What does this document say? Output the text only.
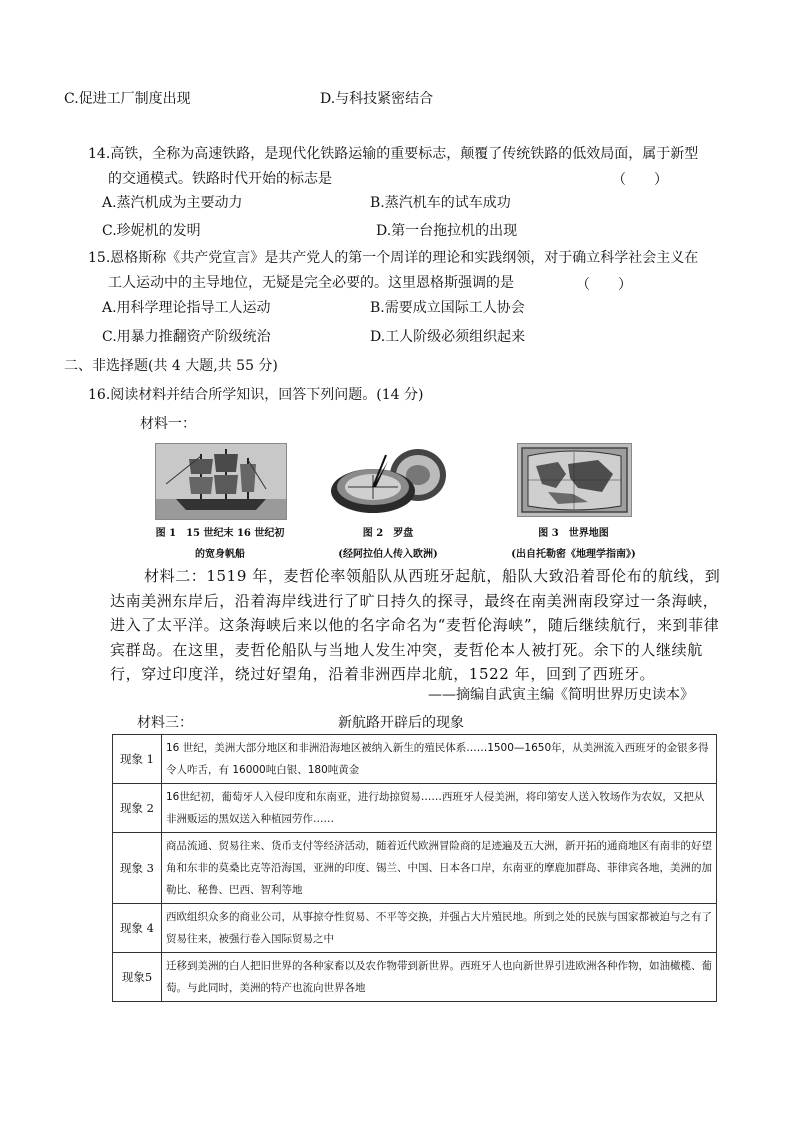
C.促进工厂制度出现	D.与科技紧密结合
14.高铁，全称为高速铁路，是现代化铁路运输的重要标志，颠覆了传统铁路的低效局面，属于新型
的交通模式。铁路时代开始的标志是	（　　）
A.蒸汽机成为主要动力	B.蒸汽机车的试车成功
C.珍妮机的发明	D.第一台拖拉机的出现
15.恩格斯称《共产党宣言》是共产党人的第一个周详的理论和实践纲领，对于确立科学社会主义在
工人运动中的主导地位，无疑是完全必要的。这里恩格斯强调的是	（　　）
A.用科学理论指导工人运动	B.需要成立国际工人协会
C.用暴力推翻资产阶级统治	D.工人阶级必须组织起来
二、非选择题(共 4 大题,共 55 分)
16.阅读材料并结合所学知识，回答下列问题。(14 分)
材料一：
图 1　15 世纪末 16 世纪初
的宽身帆船
图 2　罗盘
(经阿拉伯人传入欧洲)
图 3　世界地图
(出自托勒密《地理学指南》)
材料二：1519 年，麦哲伦率领船队从西班牙起航，船队大致沿着哥伦布的航线，到达南美洲东岸后，沿着海岸线进行了旷日持久的探寻，最终在南美洲南段穿过一条海峡，进入了太平洋。这条海峡后来以他的名字命名为“麦哲伦海峡”，随后继续航行，来到菲律宾群岛。在这里，麦哲伦船队与当地人发生冲突，麦哲伦本人被打死。余下的人继续航行，穿过印度洋，绕过好望角，沿着非洲西岸北航，1522 年，回到了西班牙。
——摘编自武寅主编《简明世界历史读本》
材料三：	新航路开辟后的现象
现象 1	16 世纪，美洲大部分地区和非洲沿海地区被纳入新生的殖民体系……1500—1650年，从美洲流入西班牙的金银多得令人咋舌，有 16000吨白银、180吨黄金
现象 2	16世纪初，葡萄牙人入侵印度和东南亚，进行劫掠贸易……西班牙人侵美洲，将印第安人送入牧场作为农奴，又把从非洲贩运的黑奴送入种植园劳作……
现象 3	商品流通、贸易往来、货币支付等经济活动，随着近代欧洲冒险商的足迹遍及五大洲，新开拓的通商地区有南非的好望角和东非的莫桑比克等沿海国，亚洲的印度、锡兰、中国、日本各口岸，东南亚的摩鹿加群岛、菲律宾各地，美洲的加勒比、秘鲁、巴西、智利等地
现象 4	西欧组织众多的商业公司，从事掠夺性贸易、不平等交换，并强占大片殖民地。所到之处的民族与国家都被迫与之有了贸易往来，被强行卷入国际贸易之中
现象5	迁移到美洲的白人把旧世界的各种家畜以及农作物带到新世界。西班牙人也向新世界引进欧洲各种作物，如油橄榄、葡萄。与此同时，美洲的特产也流向世界各地
